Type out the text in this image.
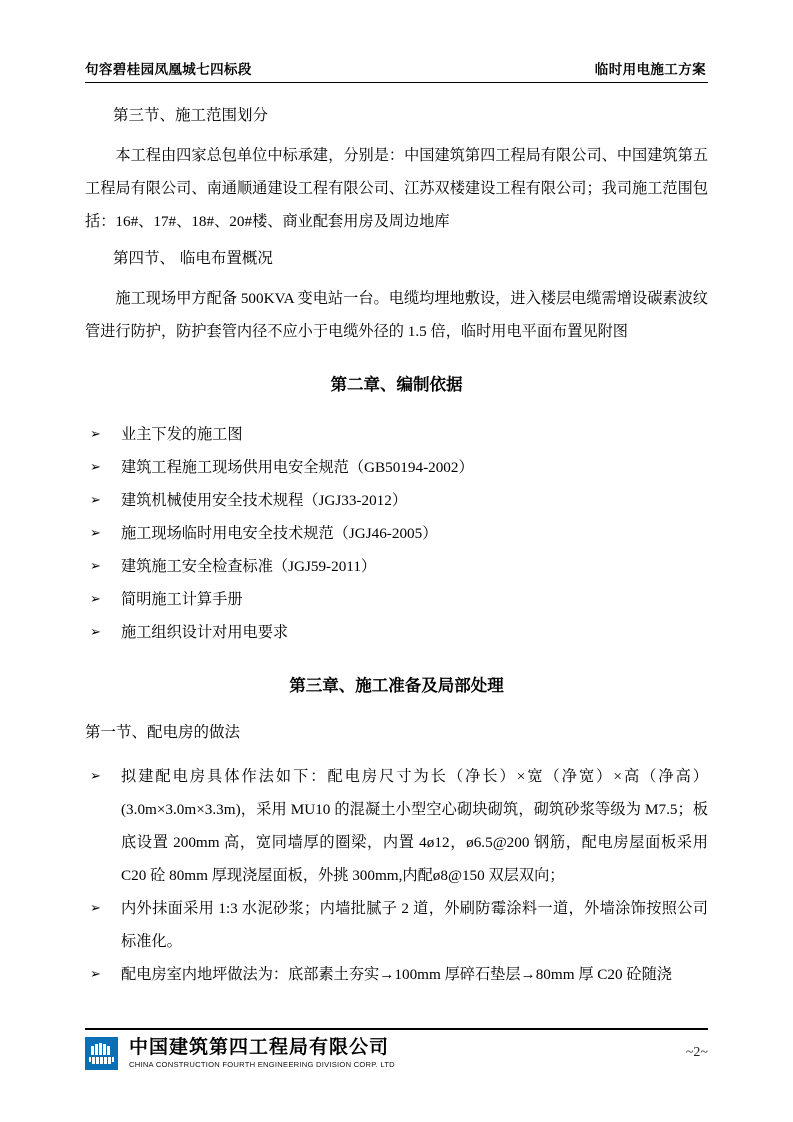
句容碧桂园凤凰城七四标段	临时用电施工方案
第三节、施工范围划分

本工程由四家总包单位中标承建，分别是：中国建筑第四工程局有限公司、中国建筑第五工程局有限公司、南通顺通建设工程有限公司、江苏双楼建设工程有限公司；我司施工范围包括：16#、17#、18#、20#楼、商业配套用房及周边地库

第四节、 临电布置概况

施工现场甲方配备 500KVA 变电站一台。电缆均埋地敷设，进入楼层电缆需增设碳素波纹管进行防护，防护套管内径不应小于电缆外径的 1.5 倍，临时用电平面布置见附图

第二章、编制依据
➢ 业主下发的施工图
➢ 建筑工程施工现场供用电安全规范（GB50194-2002）
➢ 建筑机械使用安全技术规程（JGJ33-2012）
➢ 施工现场临时用电安全技术规范（JGJ46-2005）
➢ 建筑施工安全检查标准（JGJ59-2011）
➢ 简明施工计算手册
➢ 施工组织设计对用电要求
第三章、施工准备及局部处理
第一节、配电房的做法
➢ 拟建配电房具体作法如下：配电房尺寸为长（净长）×宽（净宽）×高（净高）(3.0m×3.0m×3.3m)，采用 MU10 的混凝土小型空心砌块砌筑，砌筑砂浆等级为 M7.5；板底设置 200mm 高，宽同墙厚的圈梁，内置 4ø12，ø6.5@200 钢筋，配电房屋面板采用 C20 砼 80mm 厚现浇屋面板，外挑 300mm,内配ø8@150 双层双向；
➢ 内外抹面采用 1:3 水泥砂浆；内墙批腻子 2 道，外刷防霉涂料一道，外墙涂饰按照公司标准化。
➢ 配电房室内地坪做法为：底部素土夯实→100mm 厚碎石垫层→80mm 厚 C20 砼随浇
中国建筑第四工程局有限公司
CHINA CONSTRUCTION FOURTH ENGINEERING DIVISION CORP. LTD
~2~
